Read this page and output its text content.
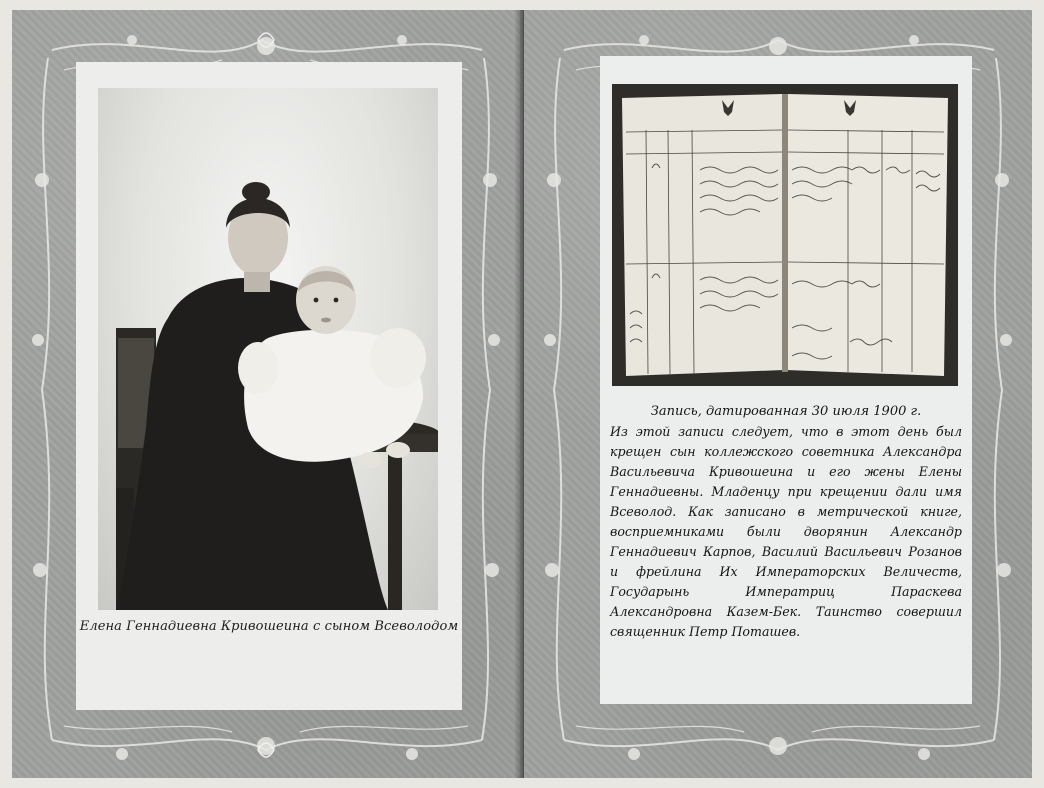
Елена Геннадиевна Кривошеина с сыном Всеволодом
Запись, датированная 30 июля 1900 г.
Из этой записи следует, что в этот день был крещен сын коллежского советника Александра Васильевича Кривошеина и его жены Елены Геннадиевны. Младенцу при крещении дали имя Всеволод. Как записано в метрической книге, восприемниками были дворянин Александр Геннадиевич Карпов, Василий Васильевич Розанов и фрейлина Их Императорских Величеств, Государынь Императриц Параскева Александровна Казем-Бек. Таинство совершил священник Петр Поташев.
